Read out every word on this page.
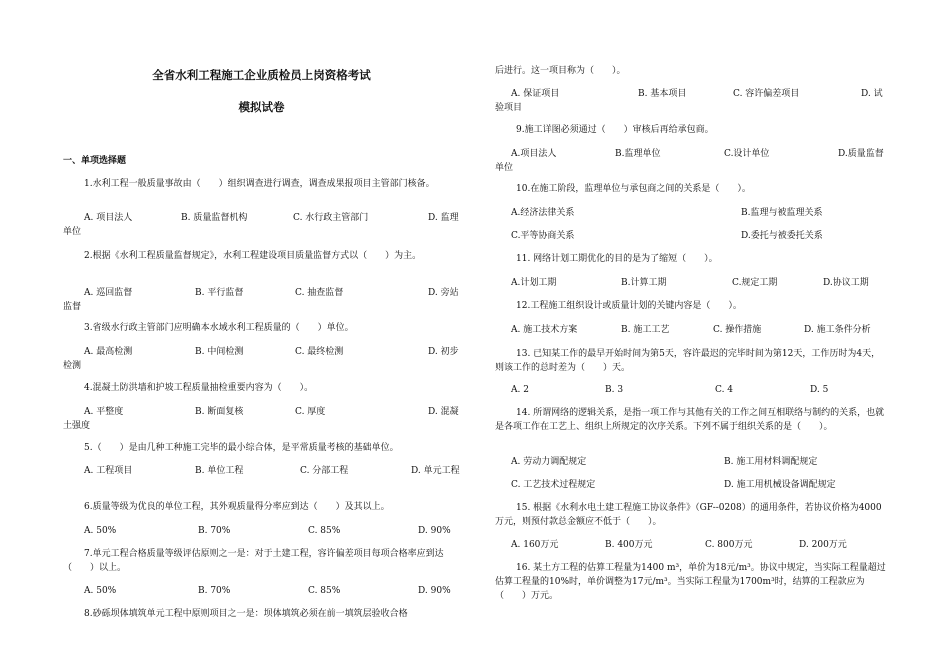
全省水利工程施工企业质检员上岗资格考试
模拟试卷
一、单项选择题
1.水利工程一般质量事故由（　　）组织调查进行调查，调查成果报项目主管部门核备。
A. 项目法人	B. 质量监督机构	C. 水行政主管部门	D. 监理单位
2.根据《水利工程质量监督规定》，水利工程建设项目质量监督方式以（　　）为主。
A. 巡回监督	B. 平行监督	C. 抽查监督	D. 旁站监督
3.省级水行政主管部门应明确本水域水利工程质量的（　　）单位。
A. 最高检测	B. 中间检测	C. 最终检测	D. 初步检测
4.混凝土防洪墙和护坡工程质量抽检重要内容为（　　）。
A. 平整度	B. 断面复核	C. 厚度	D. 混凝土强度
5.（　　）是由几种工种施工完毕的最小综合体，是平常质量考核的基础单位。
A. 工程项目	B. 单位工程	C. 分部工程	D. 单元工程
6.质量等级为优良的单位工程，其外观质量得分率应到达（　　）及其以上。
A. 50%	B. 70%	C. 85%	D. 90%
7.单元工程合格质量等级评估原则之一是：对于土建工程，容许偏差项目每项合格率应到达（　　）以上。
A. 50%	B. 70%	C. 85%	D. 90%
8.砂砾坝体填筑单元工程中原则项目之一是：坝体填筑必须在前一填筑层验收合格
后进行。这一项目称为（　　）。
A. 保证项目	B. 基本项目	C. 容许偏差项目	D. 试验项目
9.施工详图必须通过（　　）审核后再给承包商。
A.项目法人	B.监理单位	C.设计单位	D.质量监督单位
10.在施工阶段，监理单位与承包商之间的关系是（　　）。
A.经济法律关系	B.监理与被监理关系
C.平等协商关系	D.委托与被委托关系
11. 网络计划工期优化的目的是为了缩短（　　）。
A.计划工期	B.计算工期	C.规定工期	D.协议工期
12.工程施工组织设计或质量计划的关键内容是（　　）。
A. 施工技术方案	B. 施工工艺	C. 操作措施	D. 施工条件分析
13. 已知某工作的最早开始时间为第5天，容许最迟的完毕时间为第12天，工作历时为4天，则该工作的总时差为（　　）天。
A. 2	B. 3	C. 4	D. 5
14. 所谓网络的逻辑关系，是指一项工作与其他有关的工作之间互相联络与制约的关系，也就是各项工作在工艺上、组织上所规定的次序关系。下列不属于组织关系的是（　　）。
A. 劳动力调配规定	B. 施工用材料调配规定
C. 工艺技术过程规定	D. 施工用机械设备调配规定
15. 根据《水利水电土建工程施工协议条件》（GF--0208）的通用条件，若协议价格为4000万元，则预付款总金额应不低于（　　）。
A. 160万元	B. 400万元	C. 800万元	D. 200万元
16. 某土方工程的估算工程量为1400 m³，单价为18元/m³。协议中规定，当实际工程量超过估算工程量的10%时，单价调整为17元/m³。当实际工程量为1700m³时，结算的工程款应为（　　）万元。
